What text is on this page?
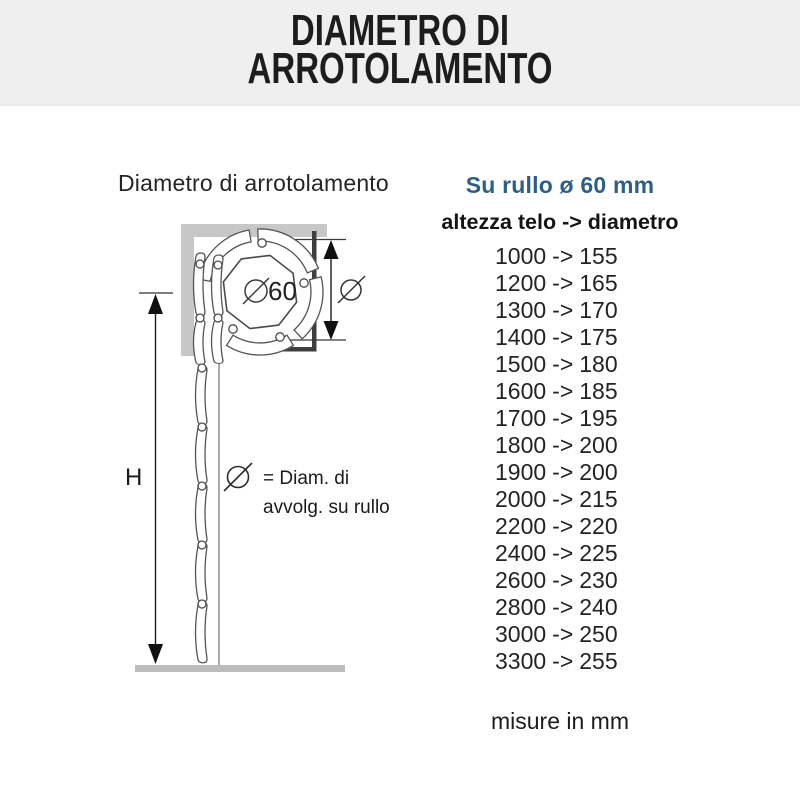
DIAMETRO DI
ARROTOLAMENTO
Diametro di arrotolamento
60
H	= Diam. di
avvolg. su rullo
Su rullo ø 60 mm
altezza telo -> diametro
1000 -> 155
1200 -> 165
1300 -> 170
1400 -> 175
1500 -> 180
1600 -> 185
1700 -> 195
1800 -> 200
1900 -> 200
2000 -> 215
2200 -> 220
2400 -> 225
2600 -> 230
2800 -> 240
3000 -> 250
3300 -> 255
misure in mm
